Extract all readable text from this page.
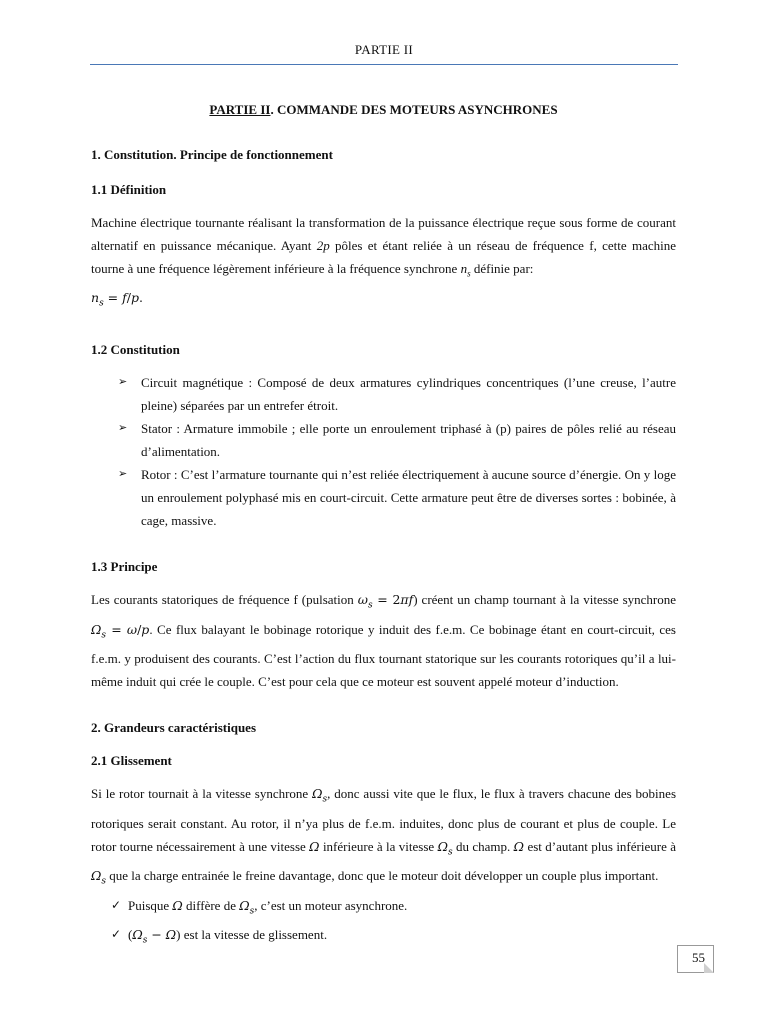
PARTIE II
PARTIE II. COMMANDE DES MOTEURS ASYNCHRONES
1. Constitution. Principe de fonctionnement
1.1 Définition

Machine électrique tournante réalisant la transformation de la puissance électrique reçue sous forme de courant alternatif en puissance mécanique. Ayant 2p pôles et étant reliée à un réseau de fréquence f, cette machine tourne à une fréquence légèrement inférieure à la fréquence synchrone $n_s$ définie par:
$n_s = f/p$.

1.2 Constitution
➢ Circuit magnétique : Composé de deux armatures cylindriques concentriques (l’une creuse, l’autre pleine) séparées par un entrefer étroit.
➢ Stator : Armature immobile ; elle porte un enroulement triphasé à (p) paires de pôles relié au réseau d’alimentation.
➢ Rotor : C’est l’armature tournante qui n’est reliée électriquement à aucune source d’énergie. On y loge un enroulement polyphasé mis en court-circuit. Cette armature peut être de diverses sortes : bobinée, à cage, massive.
1.3 Principe

Les courants statoriques de fréquence f (pulsation $\omega_s = 2\pi f$) créent un champ tournant à la vitesse synchrone $\Omega_s = \omega/p$. Ce flux balayant le bobinage rotorique y induit des f.e.m. Ce bobinage étant en court-circuit, ces f.e.m. y produisent des courants. C’est l’action du flux tournant statorique sur les courants rotoriques qu’il a lui-même induit qui crée le couple. C’est pour cela que ce moteur est souvent appelé moteur d’induction.

2. Grandeurs caractéristiques
2.1 Glissement

Si le rotor tournait à la vitesse synchrone $\Omega_s$, donc aussi vite que le flux, le flux à travers chacune des bobines rotoriques serait constant. Au rotor, il n’ya plus de f.e.m. induites, donc plus de courant et plus de couple. Le rotor tourne nécessairement à une vitesse Ω inférieure à la vitesse $\Omega_s$ du champ. Ω est d’autant plus inférieure à $\Omega_s$ que la charge entrainée le freine davantage, donc que le moteur doit développer un couple plus important.

✓ Puisque Ω diffère de $\Omega_s$, c’est un moteur asynchrone.
✓ $(\Omega_s - \Omega)$ est la vitesse de glissement.
55
